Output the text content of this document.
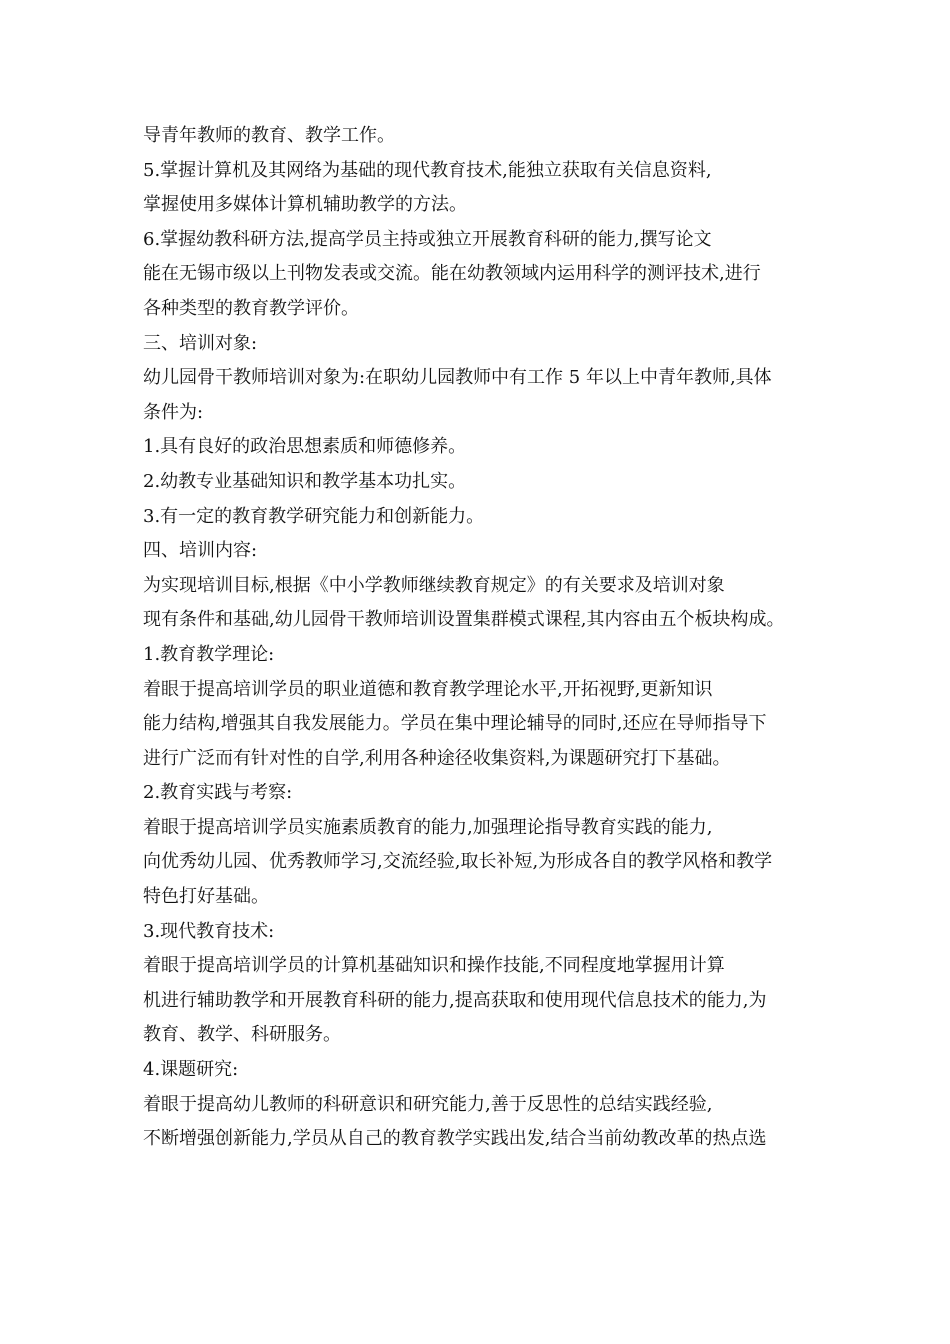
导青年教师的教育、教学工作。
5.掌握计算机及其网络为基础的现代教育技术,能独立获取有关信息资料,
掌握使用多媒体计算机辅助教学的方法。
6.掌握幼教科研方法,提高学员主持或独立开展教育科研的能力,撰写论文
能在无锡市级以上刊物发表或交流。能在幼教领域内运用科学的测评技术,进行
各种类型的教育教学评价。
三、培训对象:
幼儿园骨干教师培训对象为:在职幼儿园教师中有工作 5 年以上中青年教师,具体
条件为:
1.具有良好的政治思想素质和师德修养。
2.幼教专业基础知识和教学基本功扎实。
3.有一定的教育教学研究能力和创新能力。
四、培训内容:
为实现培训目标,根据《中小学教师继续教育规定》的有关要求及培训对象
现有条件和基础,幼儿园骨干教师培训设置集群模式课程,其内容由五个板块构成。
1.教育教学理论:
着眼于提高培训学员的职业道德和教育教学理论水平,开拓视野,更新知识
能力结构,增强其自我发展能力。学员在集中理论辅导的同时,还应在导师指导下
进行广泛而有针对性的自学,利用各种途径收集资料,为课题研究打下基础。
2.教育实践与考察:
着眼于提高培训学员实施素质教育的能力,加强理论指导教育实践的能力,
向优秀幼儿园、优秀教师学习,交流经验,取长补短,为形成各自的教学风格和教学
特色打好基础。
3.现代教育技术:
着眼于提高培训学员的计算机基础知识和操作技能,不同程度地掌握用计算
机进行辅助教学和开展教育科研的能力,提高获取和使用现代信息技术的能力,为
教育、教学、科研服务。
4.课题研究:
着眼于提高幼儿教师的科研意识和研究能力,善于反思性的总结实践经验,
不断增强创新能力,学员从自己的教育教学实践出发,结合当前幼教改革的热点选
